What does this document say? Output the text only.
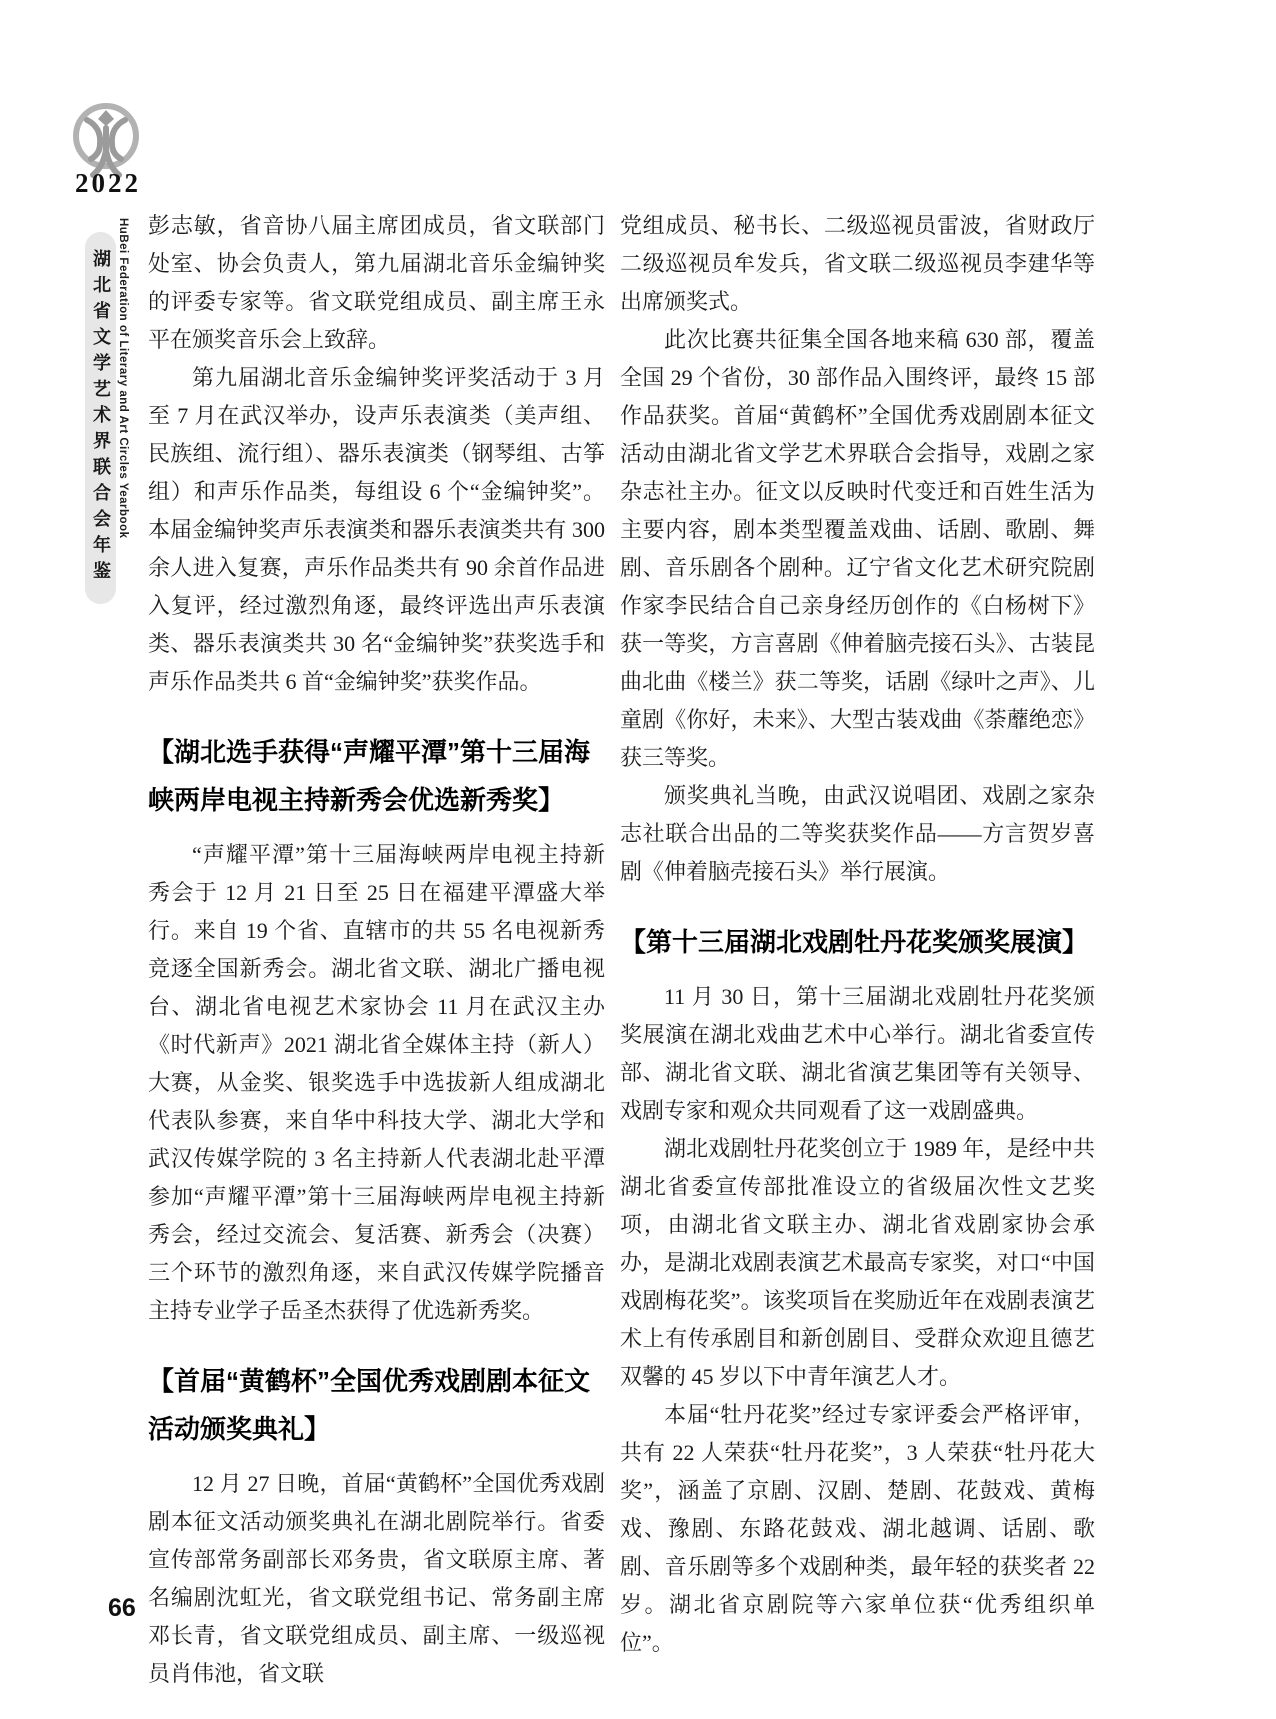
2022
湖北省文学艺术界联合会年鉴 HuBei Federation of Literary and Art Circles Yearbook 彭志敏，省音协八届主席团成员，省文联部门处室、协会负责人，第九届湖北音乐金编钟奖的评委专家等。省文联党组成员、副主席王永平在颁奖音乐会上致辞。
第九届湖北音乐金编钟奖评奖活动于 3 月至 7 月在武汉举办，设声乐表演类（美声组、民族组、流行组）、器乐表演类（钢琴组、古筝组）和声乐作品类，每组设 6 个“金编钟奖”。本届金编钟奖声乐表演类和器乐表演类共有 300 余人进入复赛，声乐作品类共有 90 余首作品进入复评，经过激烈角逐，最终评选出声乐表演类、器乐表演类共 30 名“金编钟奖”获奖选手和声乐作品类共 6 首“金编钟奖”获奖作品。
【湖北选手获得“声耀平潭”第十三届海峡两岸电视主持新秀会优选新秀奖】
“声耀平潭”第十三届海峡两岸电视主持新秀会于 12 月 21 日至 25 日在福建平潭盛大举行。来自 19 个省、直辖市的共 55 名电视新秀竞逐全国新秀会。湖北省文联、湖北广播电视台、湖北省电视艺术家协会 11 月在武汉主办《时代新声》2021 湖北省全媒体主持（新人）大赛，从金奖、银奖选手中选拔新人组成湖北代表队参赛，来自华中科技大学、湖北大学和武汉传媒学院的 3 名主持新人代表湖北赴平潭参加“声耀平潭”第十三届海峡两岸电视主持新秀会，经过交流会、复活赛、新秀会（决赛）三个环节的激烈角逐，来自武汉传媒学院播音主持专业学子岳圣杰获得了优选新秀奖。
【首届“黄鹤杯”全国优秀戏剧剧本征文活动颁奖典礼】
12 月 27 日晚，首届“黄鹤杯”全国优秀戏剧剧本征文活动颁奖典礼在湖北剧院举行。省委宣传部常务副部长邓务贵，省文联原主席、著名编剧沈虹光，省文联党组书记、常务副主席邓长青，省文联党组成员、副主席、一级巡视员肖伟池，省文联
党组成员、秘书长、二级巡视员雷波，省财政厅二级巡视员牟发兵，省文联二级巡视员李建华等出席颁奖式。
此次比赛共征集全国各地来稿 630 部，覆盖全国 29 个省份，30 部作品入围终评，最终 15 部作品获奖。首届“黄鹤杯”全国优秀戏剧剧本征文活动由湖北省文学艺术界联合会指导，戏剧之家杂志社主办。征文以反映时代变迁和百姓生活为主要内容，剧本类型覆盖戏曲、话剧、歌剧、舞剧、音乐剧各个剧种。辽宁省文化艺术研究院剧作家李民结合自己亲身经历创作的《白杨树下》获一等奖，方言喜剧《伸着脑壳接石头》、古装昆曲北曲《楼兰》获二等奖，话剧《绿叶之声》、儿童剧《你好，未来》、大型古装戏曲《荼蘼绝恋》获三等奖。
颁奖典礼当晚，由武汉说唱团、戏剧之家杂志社联合出品的二等奖获奖作品——方言贺岁喜剧《伸着脑壳接石头》举行展演。
【第十三届湖北戏剧牡丹花奖颁奖展演】
11 月 30 日，第十三届湖北戏剧牡丹花奖颁奖展演在湖北戏曲艺术中心举行。湖北省委宣传部、湖北省文联、湖北省演艺集团等有关领导、戏剧专家和观众共同观看了这一戏剧盛典。
湖北戏剧牡丹花奖创立于 1989 年，是经中共湖北省委宣传部批准设立的省级届次性文艺奖项，由湖北省文联主办、湖北省戏剧家协会承办，是湖北戏剧表演艺术最高专家奖，对口“中国戏剧梅花奖”。该奖项旨在奖励近年在戏剧表演艺术上有传承剧目和新创剧目、受群众欢迎且德艺双馨的 45 岁以下中青年演艺人才。
本届“牡丹花奖”经过专家评委会严格评审，共有 22 人荣获“牡丹花奖”，3 人荣获“牡丹花大奖”，涵盖了京剧、汉剧、楚剧、花鼓戏、黄梅戏、豫剧、东路花鼓戏、湖北越调、话剧、歌剧、音乐剧等多个戏剧种类，最年轻的获奖者 22 岁。湖北省京剧院等六家单位获“优秀组织单位”。
66
